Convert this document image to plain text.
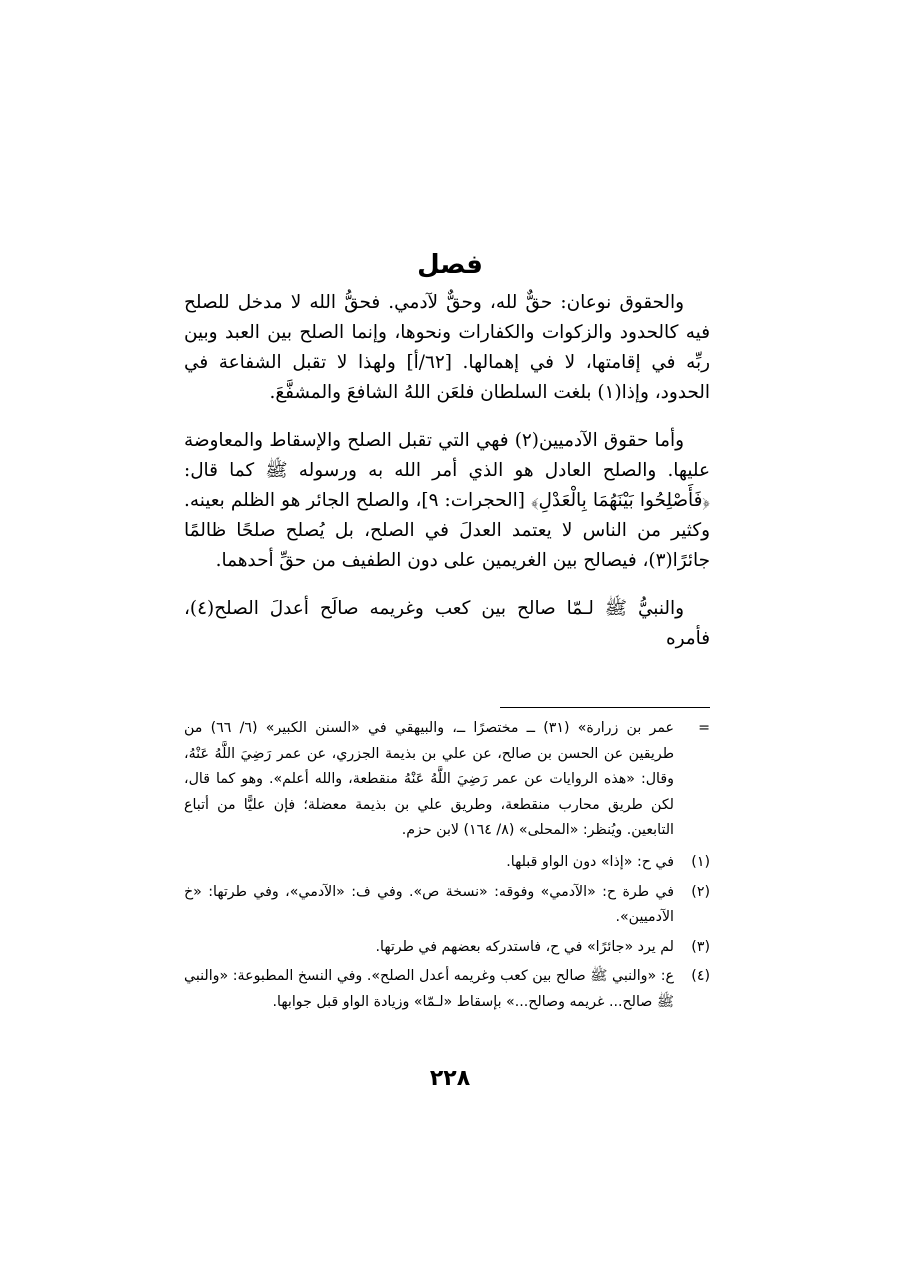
فصل

والحقوق نوعان: حقٌّ لله، وحقٌّ لآدمي. فحقُّ الله لا مدخل للصلح فيه كالحدود والزكوات والكفارات ونحوها، وإنما الصلح بين العبد وبين ربِّه في إقامتها، لا في إهمالها. [٦٢/أ] ولهذا لا تقبل الشفاعة في الحدود، وإذا(١) بلغت السلطان فلعَن اللهُ الشافعَ والمشفَّعَ.

وأما حقوق الآدميين(٢) فهي التي تقبل الصلح والإسقاط والمعاوضة عليها. والصلح العادل هو الذي أمر الله به ورسوله ﷺ كما قال: ﴿فَأَصْلِحُوا بَيْنَهُمَا بِالْعَدْلِ﴾ [الحجرات: ٩]، والصلح الجائر هو الظلم بعينه. وكثير من الناس لا يعتمد العدلَ في الصلح، بل يُصلح صلحًا ظالمًا جائرًا(٣)، فيصالح بين الغريمين على دون الطفيف من حقِّ أحدهما.

والنبيُّ ﷺ لـمّا صالح بين كعب وغريمه صالَح أعدلَ الصلح(٤)، فأمره

=
عمر بن زرارة» (٣١) ــ مختصرًا ــ، والبيهقي في «السنن الكبير» (٦/ ٦٦) من طريقين عن الحسن بن صالح، عن علي بن بذيمة الجزري، عن عمر رَضِيَ اللَّهُ عَنْهُ، وقال: «هذه الروايات عن عمر رَضِيَ اللَّهُ عَنْهُ منقطعة، والله أعلم». وهو كما قال، لكن طريق محارب منقطعة، وطريق علي بن بذيمة معضلة؛ فإن عليًّا من أتباع التابعين. ويُنظر: «المحلى» (٨/ ١٦٤) لابن حزم.
(١)
في ح: «إذا» دون الواو قبلها.
(٢)
في طرة ح: «الآدمي» وفوقه: «نسخة ص». وفي ف: «الآدمي»، وفي طرتها: «خ الآدميين».
(٣)
لم يرد «جائرًا» في ح، فاستدركه بعضهم في طرتها.
(٤)
ع: «والنبي ﷺ صالح بين كعب وغريمه أعدل الصلح». وفي النسخ المطبوعة: «والنبي ﷺ صالح... غريمه وصالح...» بإسقاط «لـمّا» وزيادة الواو قبل جوابها.
٢٢٨
